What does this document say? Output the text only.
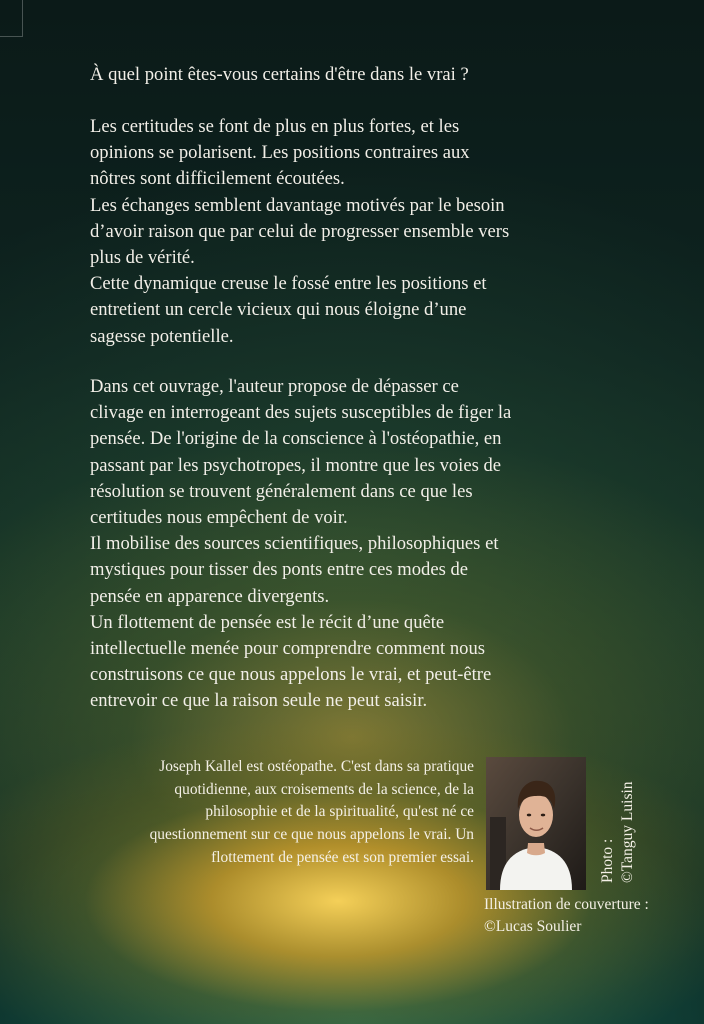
À quel point êtes-vous certains d'être dans le vrai ?

Les certitudes se font de plus en plus fortes, et les

opinions se polarisent. Les positions contraires aux

nôtres sont difficilement écoutées.

Les échanges semblent davantage motivés par le besoin

d’avoir raison que par celui de progresser ensemble vers

plus de vérité.

Cette dynamique creuse le fossé entre les positions et

entretient un cercle vicieux qui nous éloigne d’une

sagesse potentielle.

Dans cet ouvrage, l'auteur propose de dépasser ce

clivage en interrogeant des sujets susceptibles de figer la

pensée. De l'origine de la conscience à l'ostéopathie, en

passant par les psychotropes, il montre que les voies de

résolution se trouvent généralement dans ce que les

certitudes nous empêchent de voir.

Il mobilise des sources scientifiques, philosophiques et

mystiques pour tisser des ponts entre ces modes de

pensée en apparence divergents.

Un flottement de pensée est le récit d’une quête

intellectuelle menée pour comprendre comment nous

construisons ce que nous appelons le vrai, et peut-être

entrevoir ce que la raison seule ne peut saisir.

Joseph Kallel est ostéopathe. C'est dans sa pratique
quotidienne, aux croisements de la science, de la
philosophie et de la spiritualité, qu'est né ce
questionnement sur ce que nous appelons le vrai. Un
flottement de pensée est son premier essai.	Photo : ©Tanguy Luisin
Illustration de couverture :
©Lucas Soulier
